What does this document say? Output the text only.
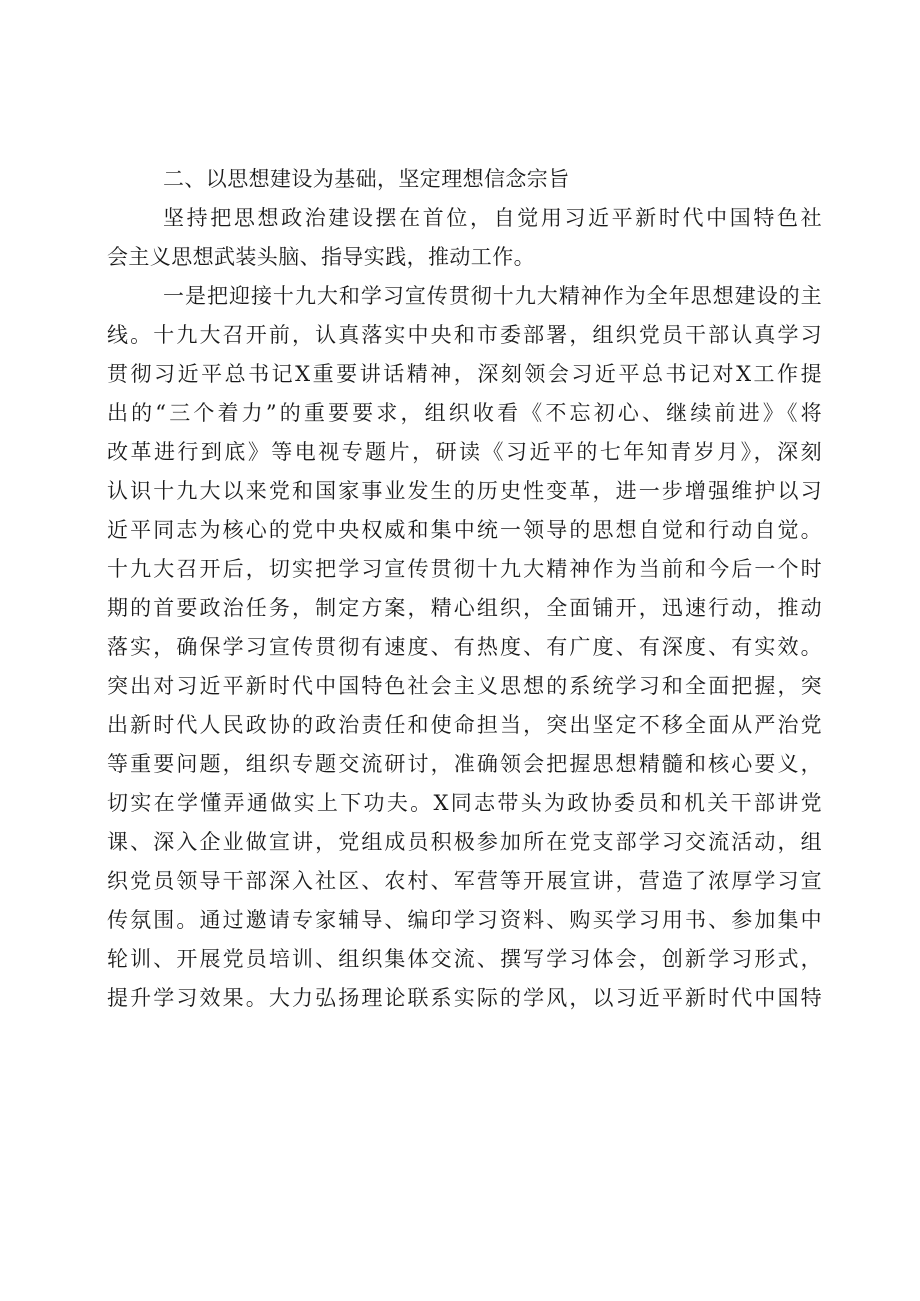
二、以思想建设为基础，坚定理想信念宗旨
坚持把思想政治建设摆在首位，自觉用习近平新时代中国特色社
会主义思想武装头脑、指导实践，推动工作。
一是把迎接十九大和学习宣传贯彻十九大精神作为全年思想建设的主
线。十九大召开前，认真落实中央和市委部署，组织党员干部认真学习
贯彻习近平总书记X重要讲话精神，深刻领会习近平总书记对X工作提
出的“三个着力”的重要要求，组织收看《不忘初心、继续前进》《将
改革进行到底》等电视专题片，研读《习近平的七年知青岁月》，深刻
认识十九大以来党和国家事业发生的历史性变革，进一步增强维护以习
近平同志为核心的党中央权威和集中统一领导的思想自觉和行动自觉。
十九大召开后，切实把学习宣传贯彻十九大精神作为当前和今后一个时
期的首要政治任务，制定方案，精心组织，全面铺开，迅速行动，推动
落实，确保学习宣传贯彻有速度、有热度、有广度、有深度、有实效。
突出对习近平新时代中国特色社会主义思想的系统学习和全面把握，突
出新时代人民政协的政治责任和使命担当，突出坚定不移全面从严治党
等重要问题，组织专题交流研讨，准确领会把握思想精髓和核心要义，
切实在学懂弄通做实上下功夫。X同志带头为政协委员和机关干部讲党
课、深入企业做宣讲，党组成员积极参加所在党支部学习交流活动，组
织党员领导干部深入社区、农村、军营等开展宣讲，营造了浓厚学习宣
传氛围。通过邀请专家辅导、编印学习资料、购买学习用书、参加集中
轮训、开展党员培训、组织集体交流、撰写学习体会，创新学习形式，
提升学习效果。大力弘扬理论联系实际的学风，以习近平新时代中国特
